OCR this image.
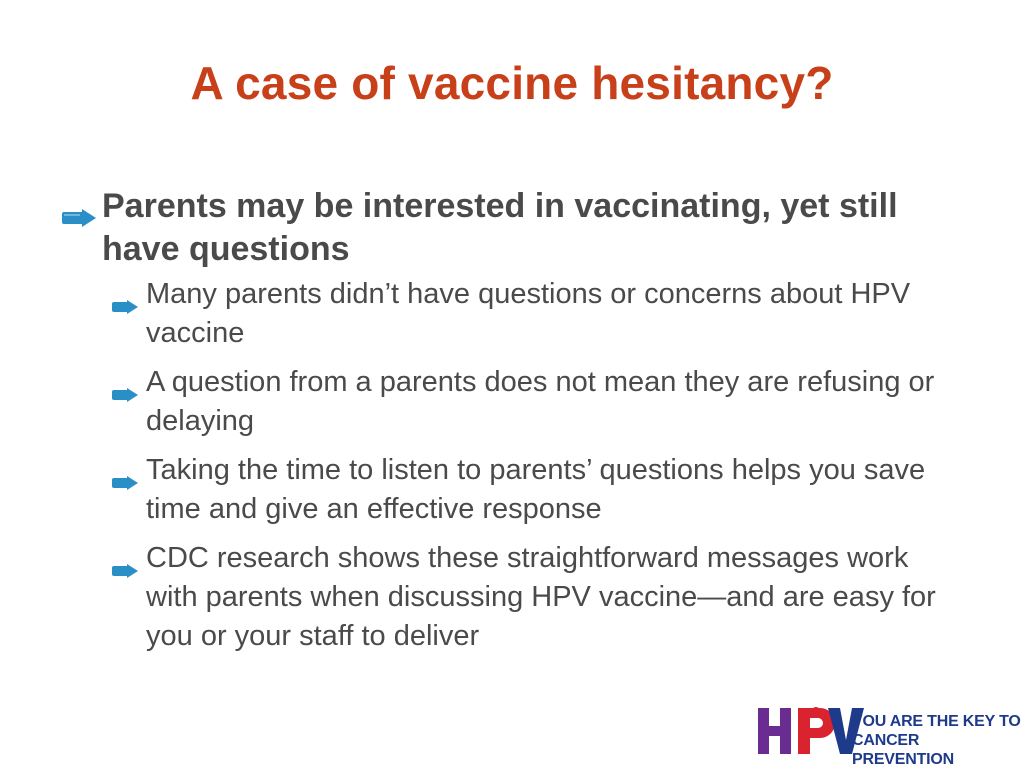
A case of vaccine hesitancy?
Parents may be interested in vaccinating, yet still have questions
Many parents didn’t have questions or concerns about HPV vaccine
A question from a parents does not mean they are refusing or delaying
Taking the time to listen to parents’ questions helps you save time and give an effective response
CDC research shows these straightforward messages work with parents when discussing HPV vaccine—and are easy for you or your staff to deliver
YOU ARE THE KEY TO
CANCER PREVENTION
